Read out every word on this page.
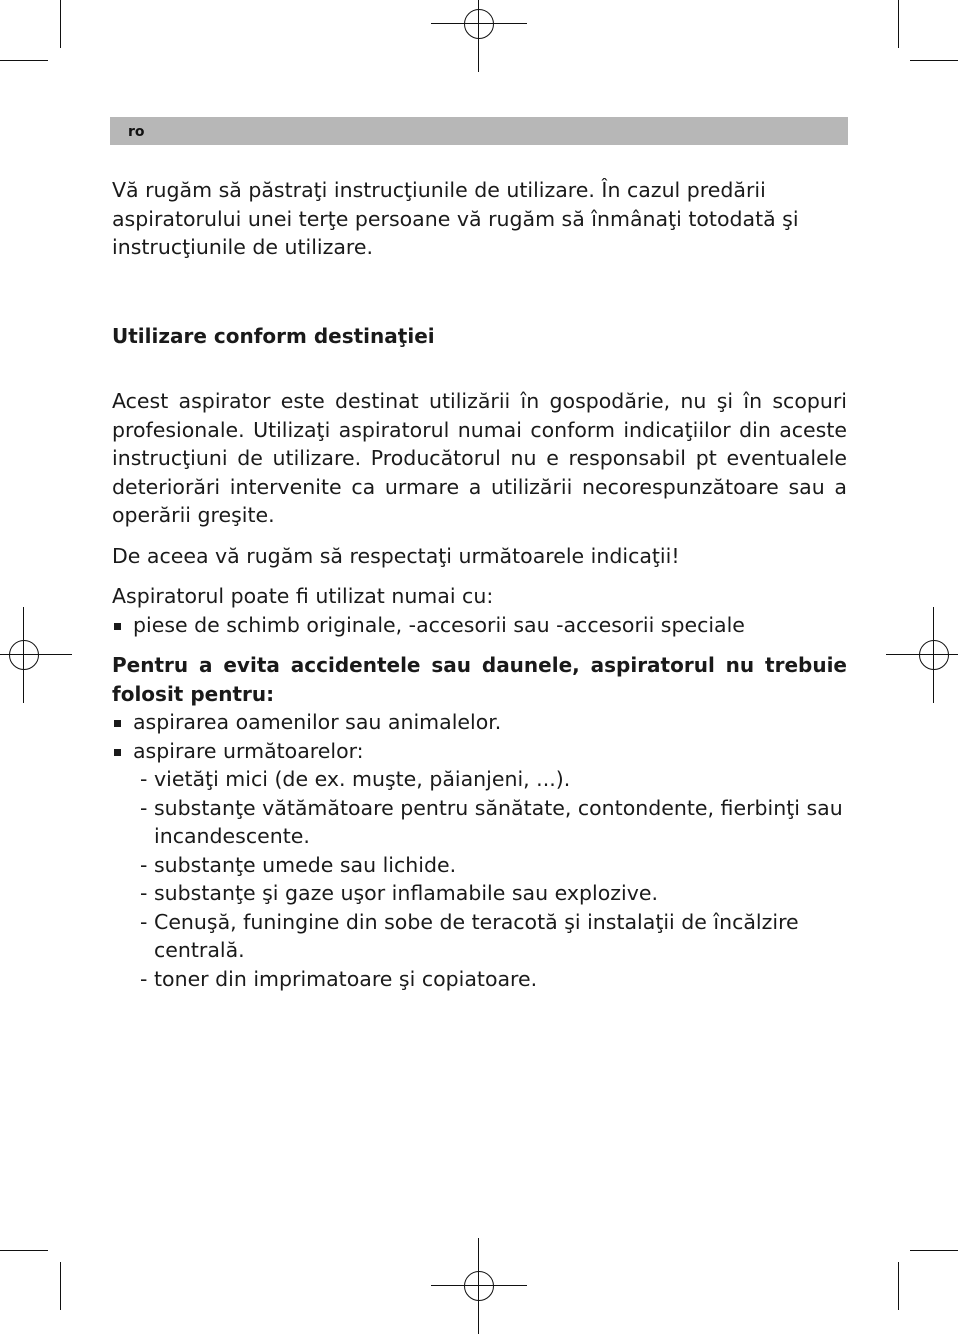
ro

Vă rugăm să păstraţi instrucţiunile de utilizare. În cazul predării aspiratorului unei terţe persoane vă rugăm să înmânaţi totodată şi instrucţiunile de utilizare.

Utilizare conform destinaţiei

Acest aspirator este destinat utilizării în gospodărie, nu şi în scopuri profesionale. Utilizaţi aspiratorul numai conform indicaţiilor din aceste instrucţiuni de utilizare. Producătorul nu e responsabil pt eventualele deteriorări intervenite ca urmare a utilizării necorespunzătoare sau a operării greşite.

De aceea vă rugăm să respectaţi următoarele indicaţii!

Aspiratorul poate fi utilizat numai cu:

piese de schimb originale, -accesorii sau -accesorii speciale

Pentru a evita accidentele sau daunele, aspiratorul nu trebuie folosit pentru:

aspirarea oamenilor sau animalelor.
aspirare următoarelor:
- vietăţi mici (de ex. muşte, păianjeni, ...).
- substanţe vătămătoare pentru sănătate, contondente, fierbinţi sau incandescente.
- substanţe umede sau lichide.
- substanţe şi gaze uşor inflamabile sau explozive.
- Cenuşă, funingine din sobe de teracotă şi instalaţii de încălzire centrală.
- toner din imprimatoare şi copiatoare.
